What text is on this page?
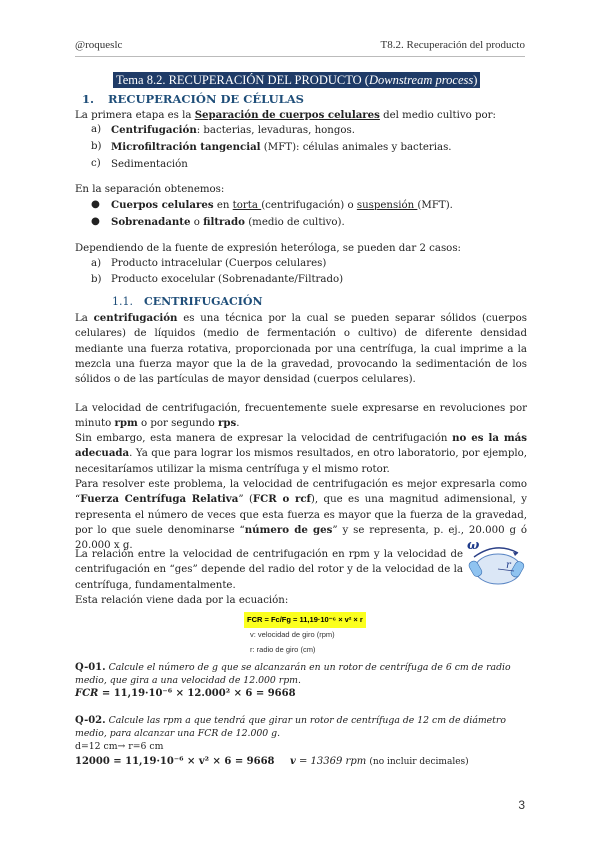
@roqueslc	T8.2. Recuperación del producto
Tema 8.2. RECUPERACIÓN DEL PRODUCTO (Downstream process)
1. RECUPERACIÓN DE CÉLULAS
La primera etapa es la Separación de cuerpos celulares del medio cultivo por:
a) Centrifugación: bacterias, levaduras, hongos.
b) Microfiltración tangencial (MFT): células animales y bacterias.
c) Sedimentación
En la separación obtenemos:
● Cuerpos celulares en torta (centrifugación) o suspensión (MFT).
● Sobrenadante o filtrado (medio de cultivo).
Dependiendo de la fuente de expresión heteróloga, se pueden dar 2 casos:
a) Producto intracelular (Cuerpos celulares)
b) Producto exocelular (Sobrenadante/Filtrado)
1.1. CENTRIFUGACIÓN
La centrifugación es una técnica por la cual se pueden separar sólidos (cuerpos celulares) de líquidos (medio de fermentación o cultivo) de diferente densidad mediante una fuerza rotativa, proporcionada por una centrífuga, la cual imprime a la mezcla una fuerza mayor que la de la gravedad, provocando la sedimentación de los sólidos o de las partículas de mayor densidad (cuerpos celulares).
La velocidad de centrifugación, frecuentemente suele expresarse en revoluciones por minuto rpm o por segundo rps.
Sin embargo, esta manera de expresar la velocidad de centrifugación no es la más adecuada. Ya que para lograr los mismos resultados, en otro laboratorio, por ejemplo, necesitaríamos utilizar la misma centrífuga y el mismo rotor.
Para resolver este problema, la velocidad de centrifugación es mejor expresarla como “Fuerza Centrífuga Relativa” (FCR o rcf), que es una magnitud adimensional, y representa el número de veces que esta fuerza es mayor que la fuerza de la gravedad, por lo que suele denominarse “número de ges” y se representa, p. ej., 20.000 g ó 20.000 x g.
La relación entre la velocidad de centrifugación en rpm y la velocidad de centrifugación en “ges” depende del radio del rotor y de la velocidad de la centrífuga, fundamentalmente.
Esta relación viene dada por la ecuación:
ω
r
FCR = Fc/Fg = 11,19·10⁻⁶ × v² × r
v: velocidad de giro (rpm)
r: radio de giro (cm)
Q-01. Calcule el número de g que se alcanzarán en un rotor de centrífuga de 6 cm de radio medio, que gira a una velocidad de 12.000 rpm.
FCR = 11,19·10⁻⁶ × 12.000² × 6 = 9668
Q-02. Calcule las rpm a que tendrá que girar un rotor de centrífuga de 12 cm de diámetro medio, para alcanzar una FCR de 12.000 g.
d=12 cm→ r=6 cm
12000 = 11,19·10⁻⁶ × v² × 6 = 9668	v = 13369 rpm (no incluir decimales)
3
